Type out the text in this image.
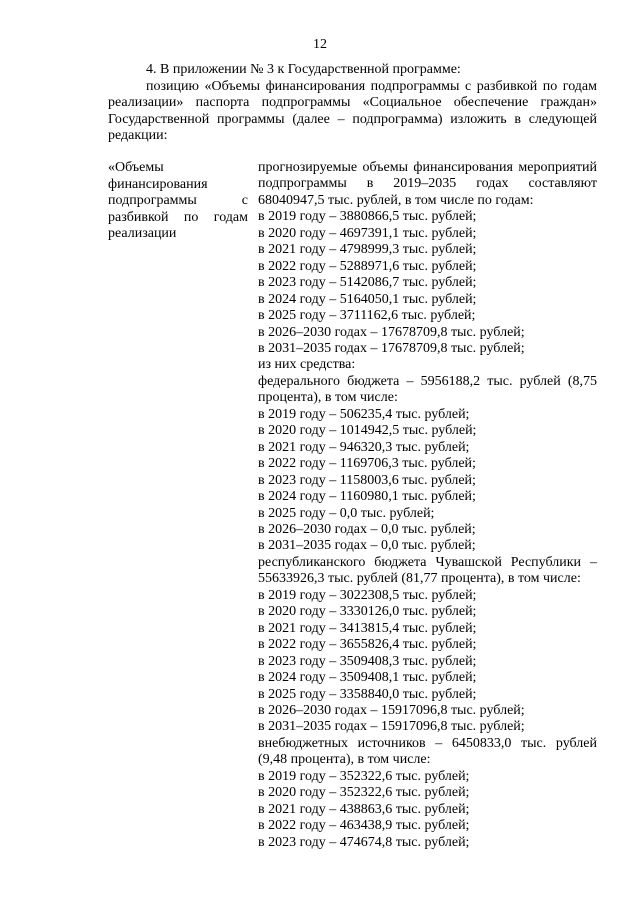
12

4. В приложении № 3 к Государственной программе:

позицию «Объемы финансирования подпрограммы с разбивкой по годам реализации» паспорта подпрограммы «Социальное обеспечение граждан» Государственной программы (далее – подпрограмма) изложить в следующей редакции:

«Объемы финансирования подпрограммы с разбивкой по годам реализации

прогнозируемые объемы финансирования мероприятий подпрограммы в 2019–2035 годах составляют 68040947,5 тыс. рублей, в том числе по годам:

в 2019 году – 3880866,5 тыс. рублей;

в 2020 году – 4697391,1 тыс. рублей;

в 2021 году – 4798999,3 тыс. рублей;

в 2022 году – 5288971,6 тыс. рублей;

в 2023 году – 5142086,7 тыс. рублей;

в 2024 году – 5164050,1 тыс. рублей;

в 2025 году – 3711162,6 тыс. рублей;

в 2026–2030 годах – 17678709,8 тыс. рублей;

в 2031–2035 годах – 17678709,8 тыс. рублей;

из них средства:

федерального бюджета – 5956188,2 тыс. рублей (8,75 процента), в том числе:

в 2019 году – 506235,4 тыс. рублей;

в 2020 году – 1014942,5 тыс. рублей;

в 2021 году – 946320,3 тыс. рублей;

в 2022 году – 1169706,3 тыс. рублей;

в 2023 году – 1158003,6 тыс. рублей;

в 2024 году – 1160980,1 тыс. рублей;

в 2025 году – 0,0 тыс. рублей;

в 2026–2030 годах – 0,0 тыс. рублей;

в 2031–2035 годах – 0,0 тыс. рублей;

республиканского бюджета Чувашской Республики – 55633926,3 тыс. рублей (81,77 процента), в том числе:

в 2019 году – 3022308,5 тыс. рублей;

в 2020 году – 3330126,0 тыс. рублей;

в 2021 году – 3413815,4 тыс. рублей;

в 2022 году – 3655826,4 тыс. рублей;

в 2023 году – 3509408,3 тыс. рублей;

в 2024 году – 3509408,1 тыс. рублей;

в 2025 году – 3358840,0 тыс. рублей;

в 2026–2030 годах – 15917096,8 тыс. рублей;

в 2031–2035 годах – 15917096,8 тыс. рублей;

внебюджетных источников – 6450833,0 тыс. рублей (9,48 процента), в том числе:

в 2019 году – 352322,6 тыс. рублей;

в 2020 году – 352322,6 тыс. рублей;

в 2021 году – 438863,6 тыс. рублей;

в 2022 году – 463438,9 тыс. рублей;

в 2023 году – 474674,8 тыс. рублей;
